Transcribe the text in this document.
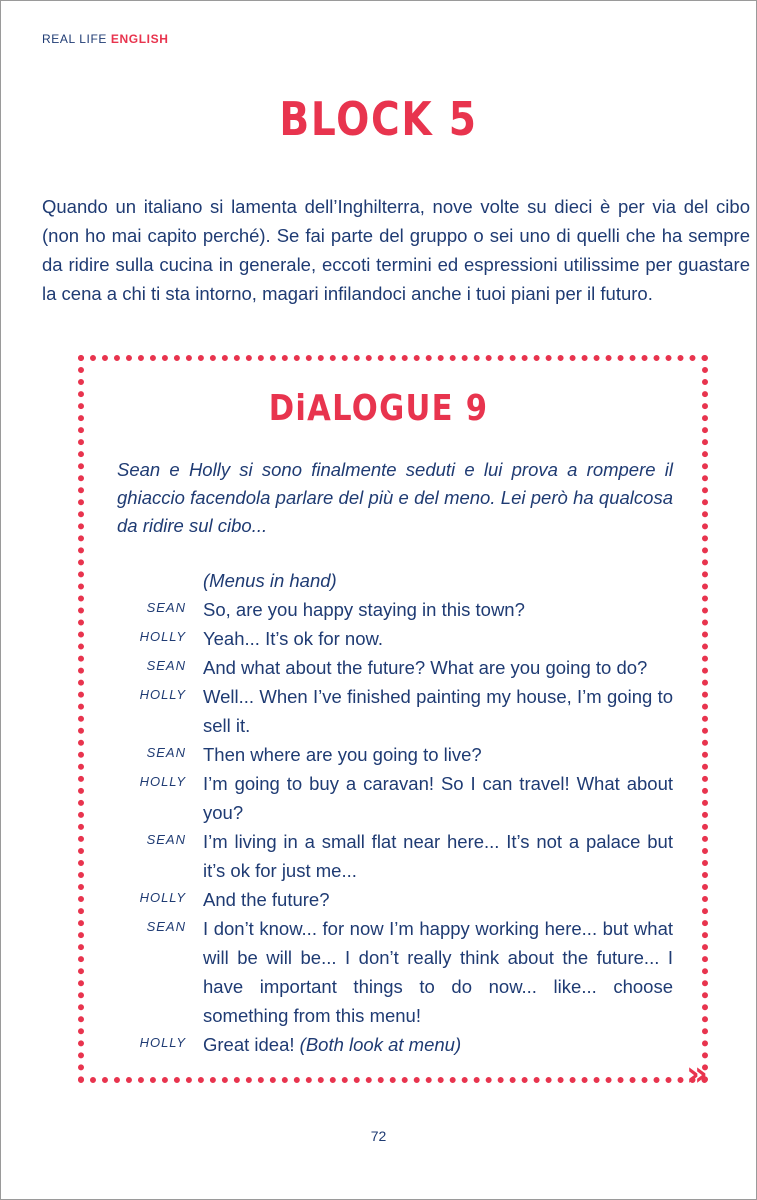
REAL LIFE ENGLISH
BLOCK 5
Quando un italiano si lamenta dell’Inghilterra, nove volte su dieci è per via del cibo (non ho mai capito perché). Se fai parte del gruppo o sei uno di quelli che ha sempre da ridire sulla cucina in generale, eccoti termini ed espressioni utilissime per guastare la cena a chi ti sta intorno, magari infilandoci anche i tuoi piani per il futuro.
DiALOGUE 9
Sean e Holly si sono finalmente seduti e lui prova a rompere il ghiaccio facendola parlare del più e del meno. Lei però ha qualcosa da ridire sul cibo...
(Menus in hand)
SEAN So, are you happy staying in this town?
HOLLY Yeah... It’s ok for now.
SEAN And what about the future? What are you going to do?
HOLLY Well... When I’ve finished painting my house, I’m going to sell it.
SEAN Then where are you going to live?
HOLLY I’m going to buy a caravan! So I can travel! What about you?
SEAN I’m living in a small flat near here... It’s not a palace but it’s ok for just me...
HOLLY And the future?
SEAN I don’t know... for now I’m happy working here... but what will be will be... I don’t really think about the future... I have important things to do now... like... choose something from this menu!
HOLLY Great idea! (Both look at menu)
»
72
